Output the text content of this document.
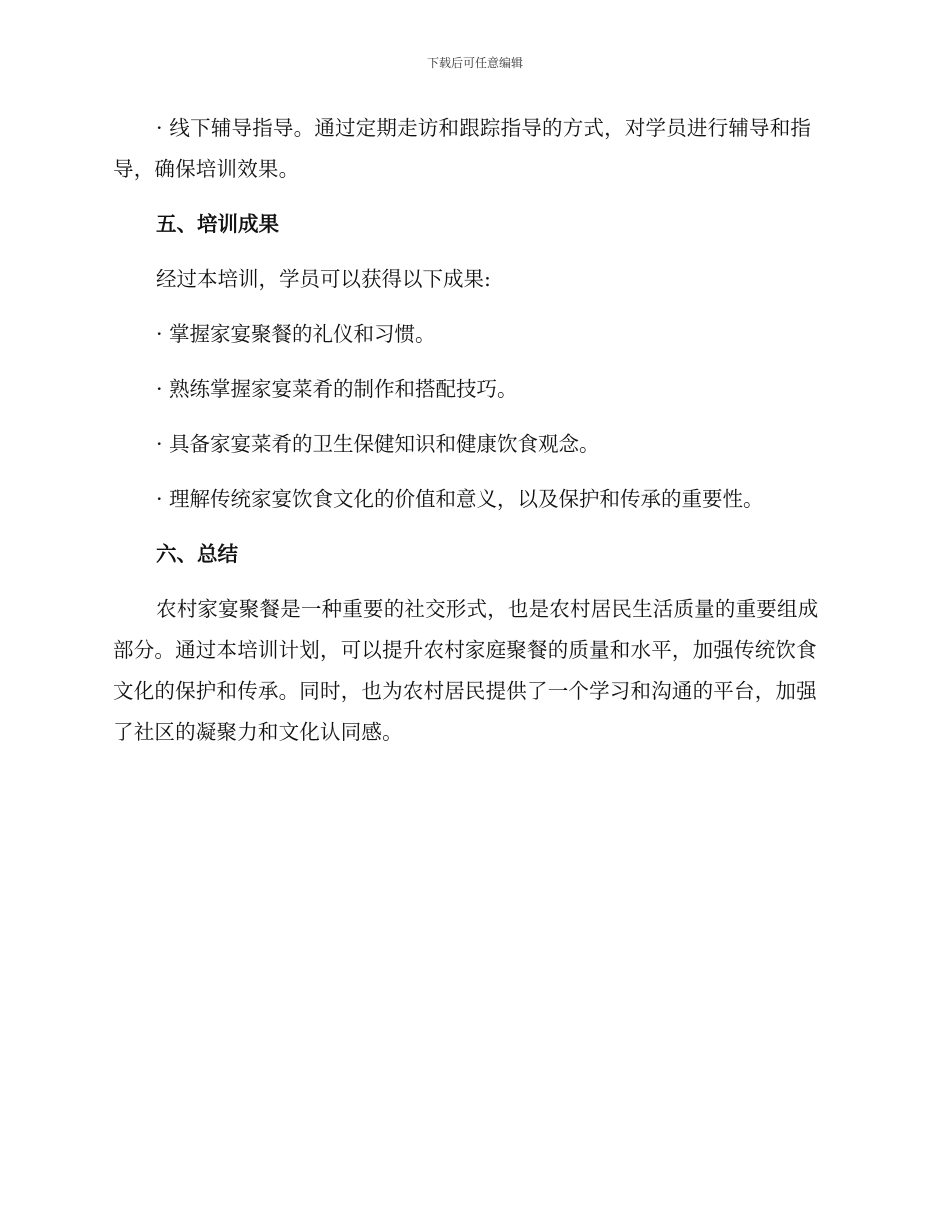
下载后可任意编辑

· 线下辅导指导。通过定期走访和跟踪指导的方式，对学员进行辅导和指导，确保培训效果。

五、培训成果

经过本培训，学员可以获得以下成果:

· 掌握家宴聚餐的礼仪和习惯。

· 熟练掌握家宴菜肴的制作和搭配技巧。

· 具备家宴菜肴的卫生保健知识和健康饮食观念。

· 理解传统家宴饮食文化的价值和意义，以及保护和传承的重要性。

六、总结

农村家宴聚餐是一种重要的社交形式，也是农村居民生活质量的重要组成部分。通过本培训计划，可以提升农村家庭聚餐的质量和水平，加强传统饮食文化的保护和传承。同时，也为农村居民提供了一个学习和沟通的平台，加强了社区的凝聚力和文化认同感。
